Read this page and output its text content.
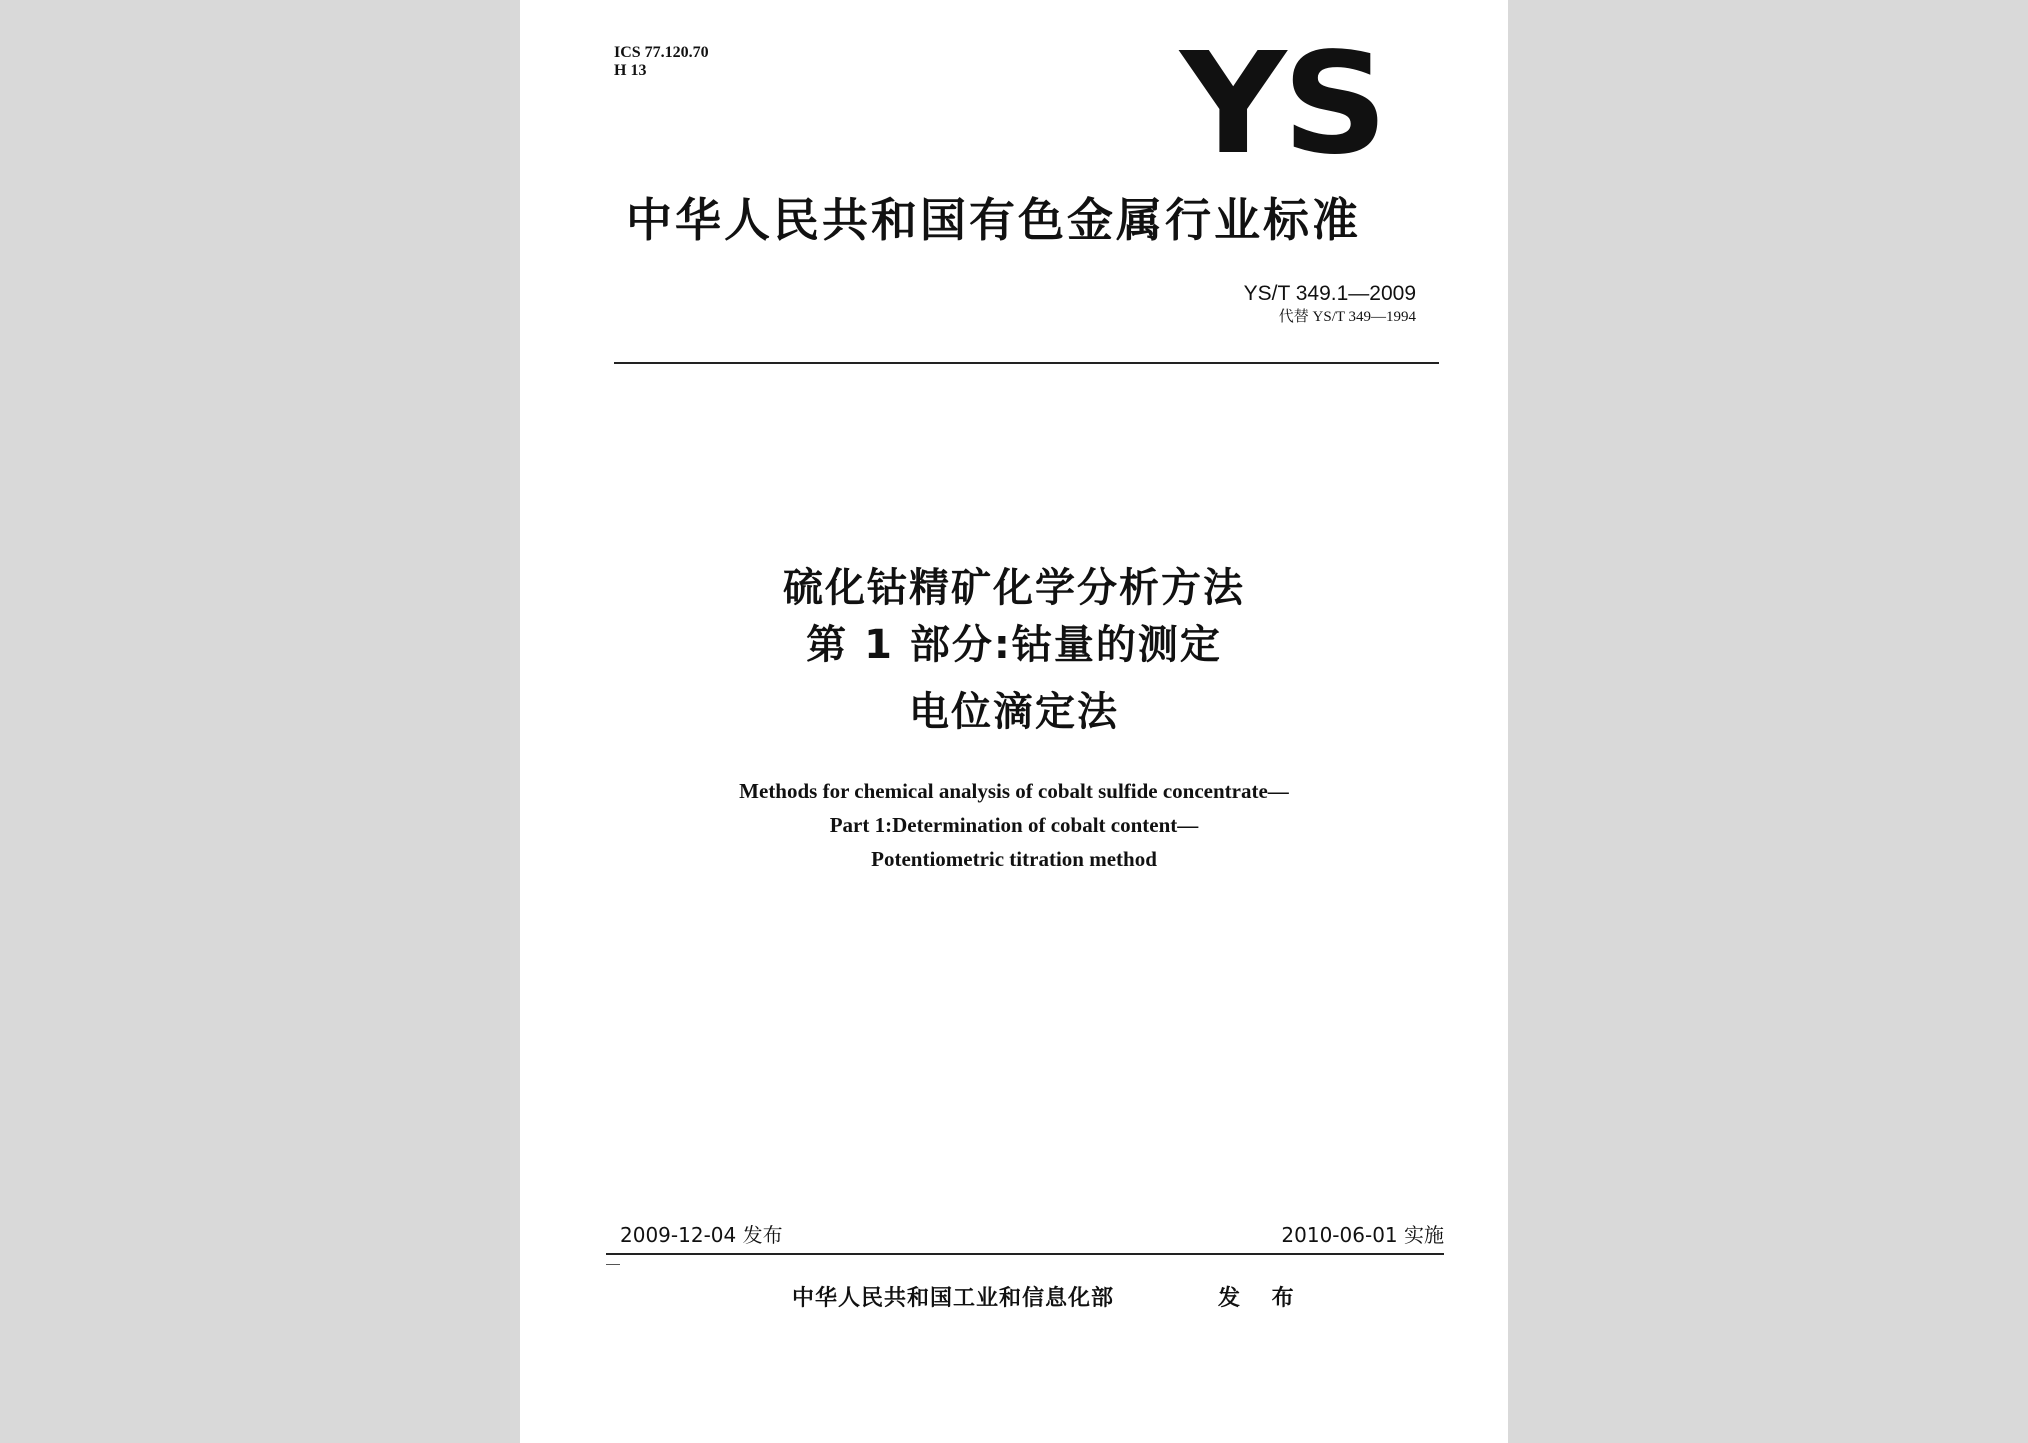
ICS 77.120.70
H 13	YS
中华人民共和国有色金属行业标准
YS/T 349.1—2009
代替 YS/T 349—1994
硫化钴精矿化学分析方法
第 1 部分:钴量的测定
电位滴定法
Methods for chemical analysis of cobalt sulfide concentrate—
Part 1:Determination of cobalt content—
Potentiometric titration method
2009-12-04 发布	2010-06-01 实施
中华人民共和国工业和信息化部	发 布
